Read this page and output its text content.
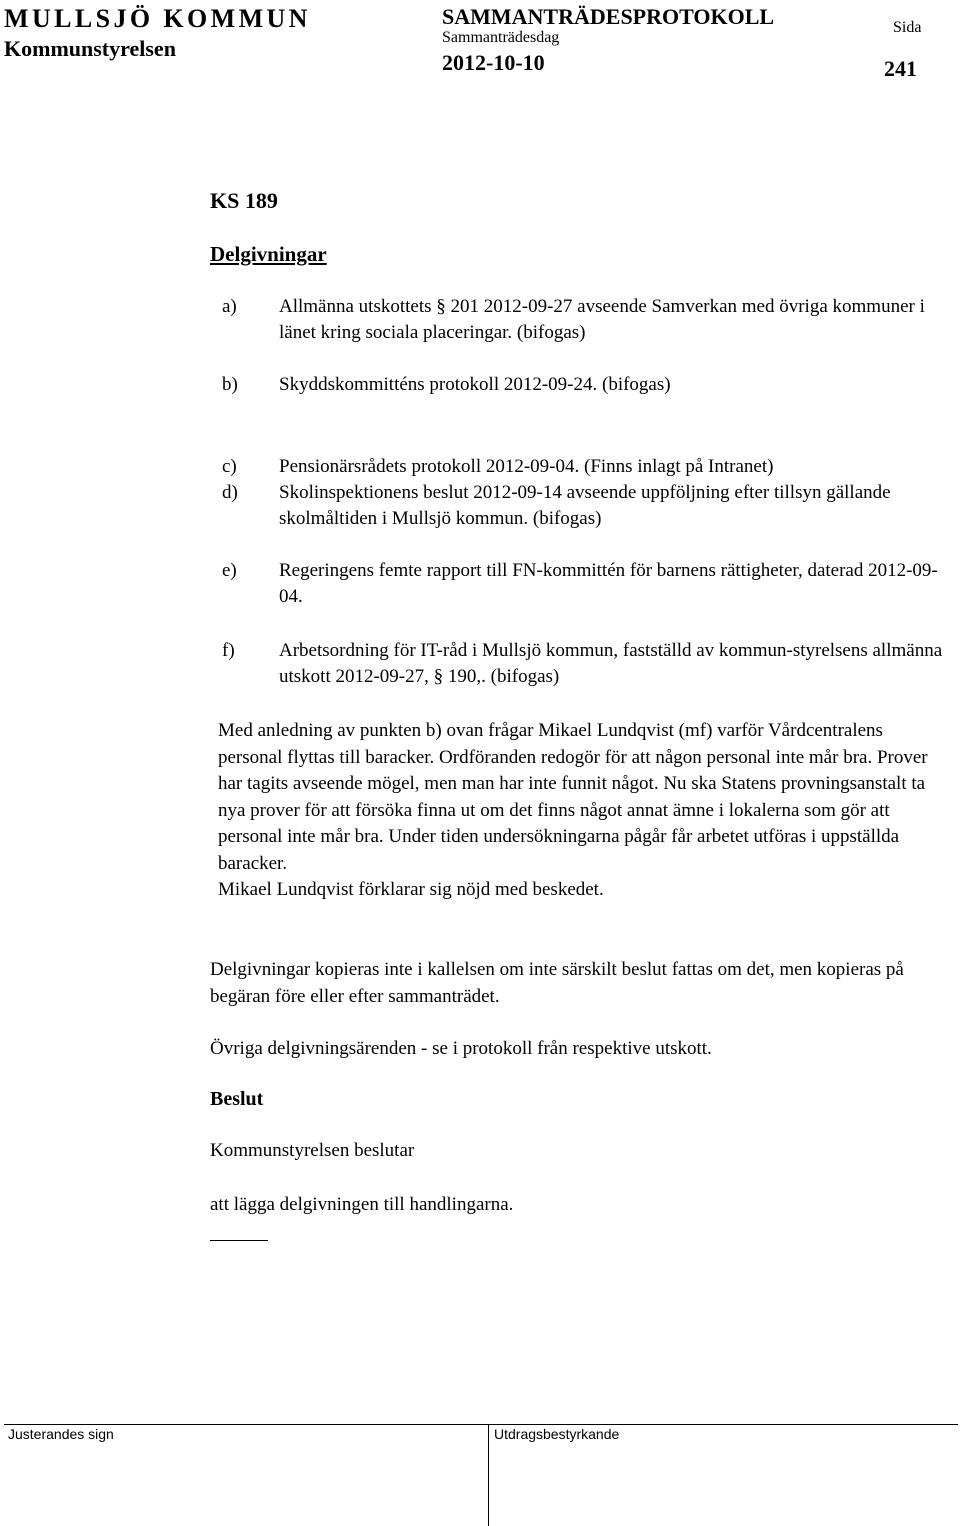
MULLSJÖ KOMMUN
Kommunstyrelsen
SAMMANTRÄDESPROTOKOLL
Sammanträdesdag
2012-10-10
Sida
241
KS 189
Delgivningar
a) Allmänna utskottets § 201 2012-09-27 avseende Samverkan med övriga kommuner i länet kring sociala placeringar. (bifogas)
b) Skyddskommitténs protokoll 2012-09-24. (bifogas)
c) Pensionärsrådets protokoll 2012-09-04. (Finns inlagt på Intranet)
d) Skolinspektionens beslut 2012-09-14 avseende uppföljning efter tillsyn gällande skolmåltiden i Mullsjö kommun. (bifogas)
e) Regeringens femte rapport till FN-kommittén för barnens rättigheter, daterad 2012-09-04.
f) Arbetsordning för IT-råd i Mullsjö kommun, fastställd av kommun-styrelsens allmänna utskott 2012-09-27, § 190,. (bifogas)
Med anledning av punkten b) ovan frågar Mikael Lundqvist (mf) varför Vårdcentralens personal flyttas till baracker. Ordföranden redogör för att någon personal inte mår bra. Prover har tagits avseende mögel, men man har inte funnit något. Nu ska Statens provningsanstalt ta nya prover för att försöka finna ut om det finns något annat ämne i lokalerna som gör att personal inte mår bra. Under tiden undersökningarna pågår får arbetet utföras i uppställda baracker.
Mikael Lundqvist förklarar sig nöjd med beskedet.
Delgivningar kopieras inte i kallelsen om inte särskilt beslut fattas om det, men kopieras på begäran före eller efter sammanträdet.
Övriga delgivningsärenden - se i protokoll från respektive utskott.
Beslut
Kommunstyrelsen beslutar
att lägga delgivningen till handlingarna.
Justerandes sign	Utdragsbestyrkande
